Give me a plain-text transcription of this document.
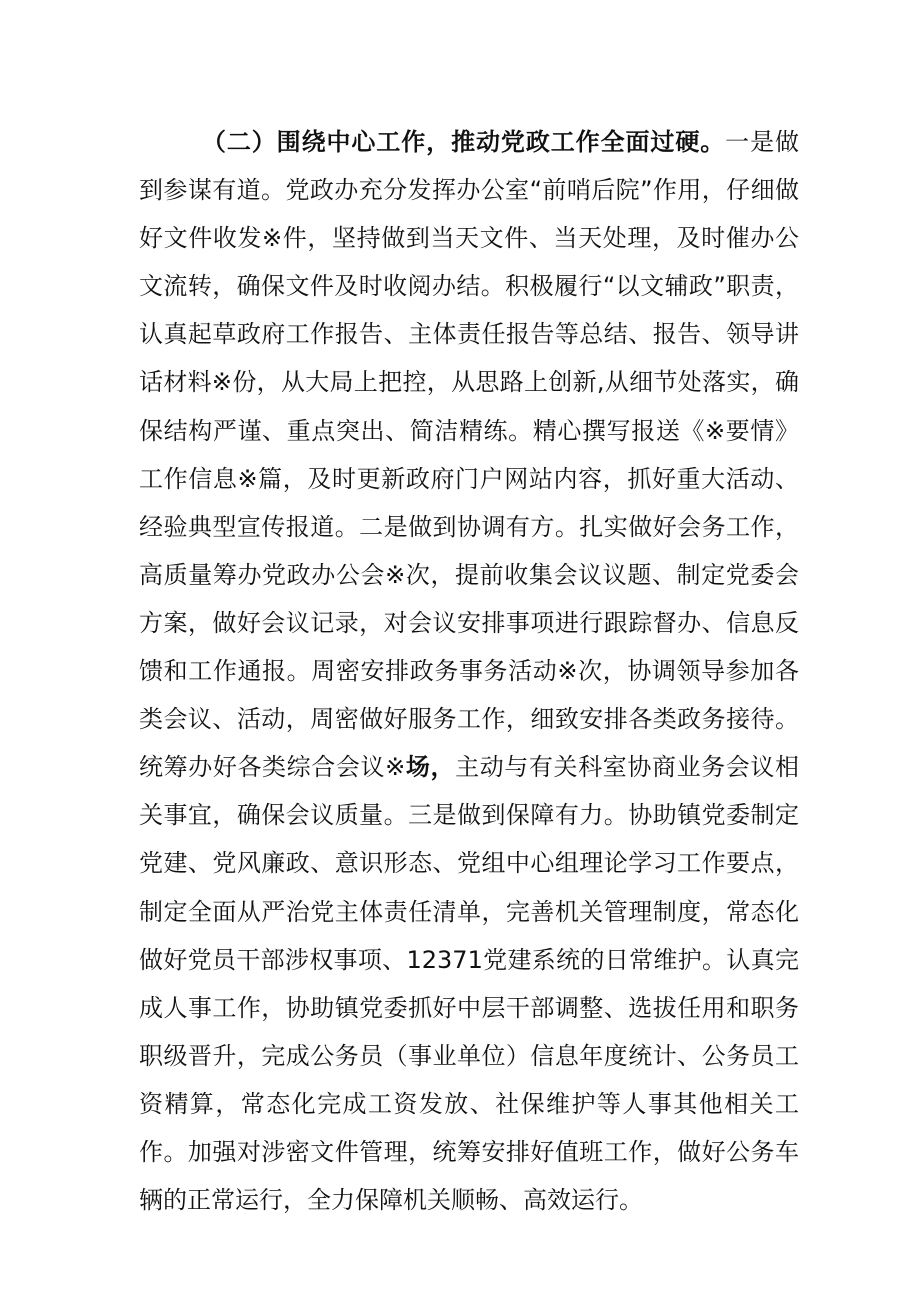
（二）围绕中心工作，推动党政工作全面过硬。一是做到参谋有道。党政办充分发挥办公室“前哨后院”作用，仔细做好文件收发※件，坚持做到当天文件、当天处理，及时催办公文流转，确保文件及时收阅办结。积极履行“以文辅政”职责，认真起草政府工作报告、主体责任报告等总结、报告、领导讲话材料※份，从大局上把控，从思路上创新,从细节处落实，确保结构严谨、重点突出、简洁精练。精心撰写报送《※要情》工作信息※篇，及时更新政府门户网站内容，抓好重大活动、经验典型宣传报道。二是做到协调有方。扎实做好会务工作，高质量筹办党政办公会※次，提前收集会议议题、制定党委会方案，做好会议记录，对会议安排事项进行跟踪督办、信息反馈和工作通报。周密安排政务事务活动※次，协调领导参加各类会议、活动，周密做好服务工作，细致安排各类政务接待。统筹办好各类综合会议※场，主动与有关科室协商业务会议相关事宜，确保会议质量。三是做到保障有力。协助镇党委制定党建、党风廉政、意识形态、党组中心组理论学习工作要点，制定全面从严治党主体责任清单，完善机关管理制度，常态化做好党员干部涉权事项、12371党建系统的日常维护。认真完成人事工作，协助镇党委抓好中层干部调整、选拔任用和职务职级晋升，完成公务员（事业单位）信息年度统计、公务员工资精算，常态化完成工资发放、社保维护等人事其他相关工作。加强对涉密文件管理，统筹安排好值班工作，做好公务车辆的正常运行，全力保障机关顺畅、高效运行。
